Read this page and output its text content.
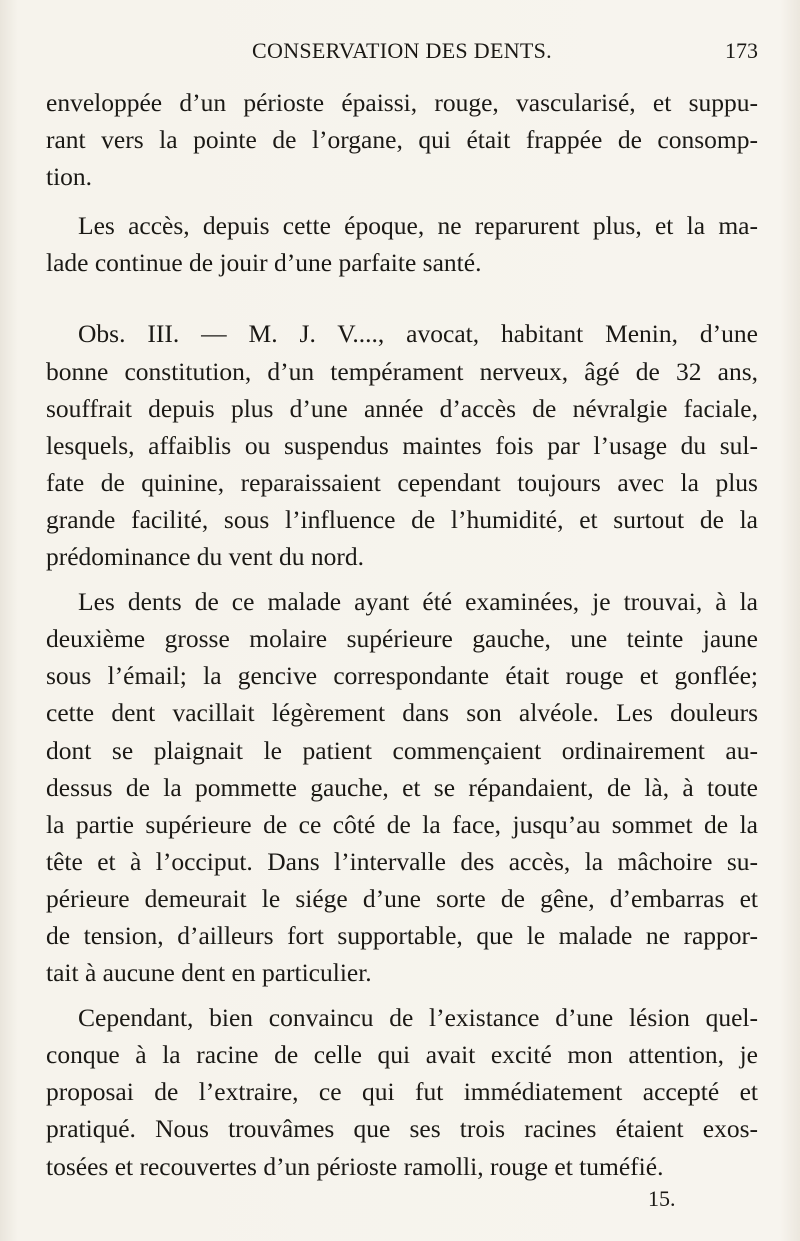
CONSERVATION DES DENTS.	173
enveloppée d’un périoste épaissi, rouge, vascularisé, et suppu-
rant vers la pointe de l’organe, qui était frappée de consomp-
tion.
Les accès, depuis cette époque, ne reparurent plus, et la ma-
lade continue de jouir d’une parfaite santé.
Obs. III. — M. J. V...., avocat, habitant Menin, d’une
bonne constitution, d’un tempérament nerveux, âgé de 32 ans,
souffrait depuis plus d’une année d’accès de névralgie faciale,
lesquels, affaiblis ou suspendus maintes fois par l’usage du sul-
fate de quinine, reparaissaient cependant toujours avec la plus
grande facilité, sous l’influence de l’humidité, et surtout de la
prédominance du vent du nord.
Les dents de ce malade ayant été examinées, je trouvai, à la
deuxième grosse molaire supérieure gauche, une teinte jaune
sous l’émail; la gencive correspondante était rouge et gonflée;
cette dent vacillait légèrement dans son alvéole. Les douleurs
dont se plaignait le patient commençaient ordinairement au-
dessus de la pommette gauche, et se répandaient, de là, à toute
la partie supérieure de ce côté de la face, jusqu’au sommet de la
tête et à l’occiput. Dans l’intervalle des accès, la mâchoire su-
périeure demeurait le siége d’une sorte de gêne, d’embarras et
de tension, d’ailleurs fort supportable, que le malade ne rappor-
tait à aucune dent en particulier.
Cependant, bien convaincu de l’existance d’une lésion quel-
conque à la racine de celle qui avait excité mon attention, je
proposai de l’extraire, ce qui fut immédiatement accepté et
pratiqué. Nous trouvâmes que ses trois racines étaient exos-
tosées et recouvertes d’un périoste ramolli, rouge et tuméfié.
15.
